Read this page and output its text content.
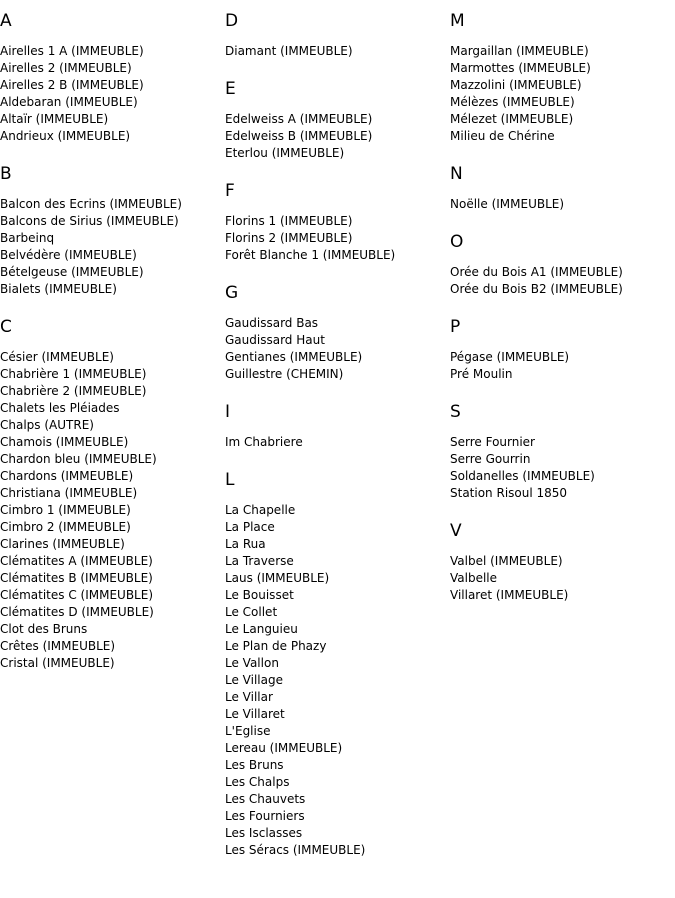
A
Airelles 1 A (IMMEUBLE)
Airelles 2 (IMMEUBLE)
Airelles 2 B (IMMEUBLE)
Aldebaran (IMMEUBLE)
Altaïr (IMMEUBLE)
Andrieux (IMMEUBLE)
B
Balcon des Ecrins (IMMEUBLE)
Balcons de Sirius (IMMEUBLE)
Barbeinq
Belvédère (IMMEUBLE)
Bételgeuse (IMMEUBLE)
Bialets (IMMEUBLE)
C
Césier (IMMEUBLE)
Chabrière 1 (IMMEUBLE)
Chabrière 2 (IMMEUBLE)
Chalets les Pléiades
Chalps (AUTRE)
Chamois (IMMEUBLE)
Chardon bleu (IMMEUBLE)
Chardons (IMMEUBLE)
Christiana (IMMEUBLE)
Cimbro 1 (IMMEUBLE)
Cimbro 2 (IMMEUBLE)
Clarines (IMMEUBLE)
Clématites A (IMMEUBLE)
Clématites B (IMMEUBLE)
Clématites C (IMMEUBLE)
Clématites D (IMMEUBLE)
Clot des Bruns
Crêtes (IMMEUBLE)
Cristal (IMMEUBLE)
D
Diamant (IMMEUBLE)
E
Edelweiss A (IMMEUBLE)
Edelweiss B (IMMEUBLE)
Eterlou (IMMEUBLE)
F
Florins 1 (IMMEUBLE)
Florins 2 (IMMEUBLE)
Forêt Blanche 1 (IMMEUBLE)
G
Gaudissard Bas
Gaudissard Haut
Gentianes (IMMEUBLE)
Guillestre (CHEMIN)
I
Im Chabriere
L
La Chapelle
La Place
La Rua
La Traverse
Laus (IMMEUBLE)
Le Bouisset
Le Collet
Le Languieu
Le Plan de Phazy
Le Vallon
Le Village
Le Villar
Le Villaret
L'Eglise
Lereau (IMMEUBLE)
Les Bruns
Les Chalps
Les Chauvets
Les Fourniers
Les Isclasses
Les Séracs (IMMEUBLE)
M
Margaillan (IMMEUBLE)
Marmottes (IMMEUBLE)
Mazzolini (IMMEUBLE)
Mélèzes (IMMEUBLE)
Mélezet (IMMEUBLE)
Milieu de Chérine
N
Noëlle (IMMEUBLE)
O
Orée du Bois A1 (IMMEUBLE)
Orée du Bois B2 (IMMEUBLE)
P
Pégase (IMMEUBLE)
Pré Moulin
S
Serre Fournier
Serre Gourrin
Soldanelles (IMMEUBLE)
Station Risoul 1850
V
Valbel (IMMEUBLE)
Valbelle
Villaret (IMMEUBLE)
